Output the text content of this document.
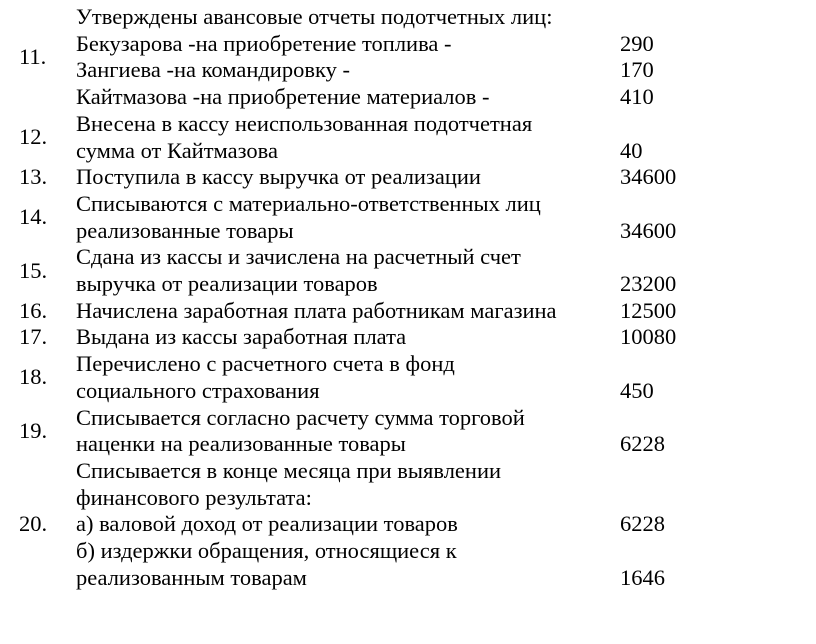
11.
Утверждены авансовые отчеты подотчетных лиц:
Бекузарова -на приобретение топлива -	290
Зангиева -на командировку -	170
Кайтмазова -на приобретение материалов -	410
12.
Внесена в кассу неиспользованная подотчетная
сумма от Кайтмазова	40
13. Поступила в кассу выручка от реализации	34600
14.
Списываются с материально-ответственных лиц
реализованные товары	34600
15.
Сдана из кассы и зачислена на расчетный счет
выручка от реализации товаров	23200
16. Начислена заработная плата работникам магазина	12500
17. Выдана из кассы заработная плата	10080
18.
Перечислено с расчетного счета в фонд
социального страхования	450
19.
Списывается согласно расчету сумма торговой
наценки на реализованные товары	6228
20.
Списывается в конце месяца при выявлении
финансового результата:
а) валовой доход от реализации товаров	6228
б) издержки обращения, относящиеся к
реализованным товарам	1646
